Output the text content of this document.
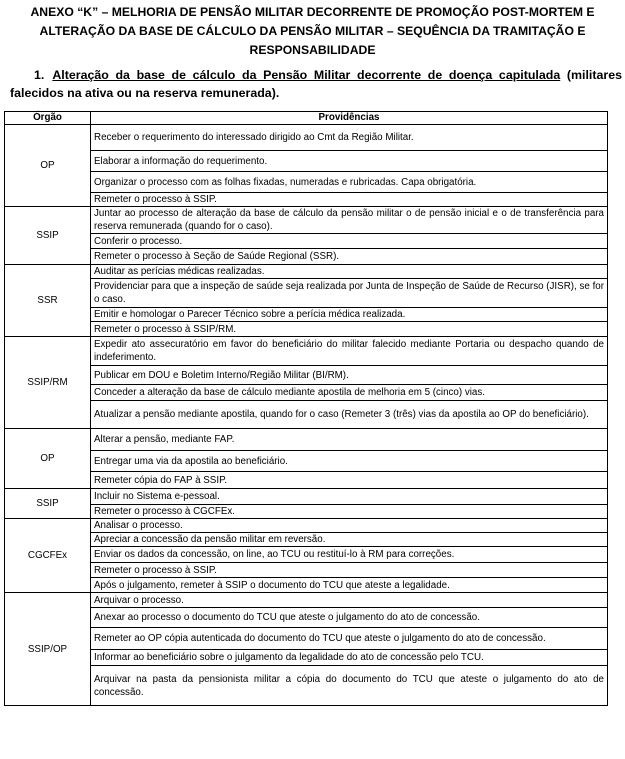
ANEXO “K” – MELHORIA DE PENSÃO MILITAR DECORRENTE DE PROMOÇÃO POST-MORTEM E ALTERAÇÃO DA BASE DE CÁLCULO DA PENSÃO MILITAR – SEQUÊNCIA DA TRAMITAÇÃO E RESPONSABILIDADE
1. Alteração da base de cálculo da Pensão Militar decorrente de doença capitulada (militares falecidos na ativa ou na reserva remunerada).
Órgão	Providências
OP	Receber o requerimento do interessado dirigido ao Cmt da Região Militar.
	Elaborar a informação do requerimento.
	Organizar o processo com as folhas fixadas, numeradas e rubricadas. Capa obrigatória.
	Remeter o processo à SSIP.
SSIP	Juntar ao processo de alteração da base de cálculo da pensão militar o de pensão inicial e o de transferência para reserva remunerada (quando for o caso).
	Conferir o processo.
	Remeter o processo à Seção de Saúde Regional (SSR).
SSR	Auditar as perícias médicas realizadas.
	Providenciar para que a inspeção de saúde seja realizada por Junta de Inspeção de Saúde de Recurso (JISR), se for o caso.
	Emitir e homologar o Parecer Técnico sobre a perícia médica realizada.
	Remeter o processo à SSIP/RM.
SSIP/RM	Expedir ato assecuratório em favor do beneficiário do militar falecido mediante Portaria ou despacho quando de indeferimento.
	Publicar em DOU e Boletim Interno/Região Militar (BI/RM).
	Conceder a alteração da base de cálculo mediante apostila de melhoria em 5 (cinco) vias.
	Atualizar a pensão mediante apostila, quando for o caso (Remeter 3 (três) vias da apostila ao OP do beneficiário).
OP	Alterar a pensão, mediante FAP.
	Entregar uma via da apostila ao beneficiário.
	Remeter cópia do FAP à SSIP.
SSIP	Incluir no Sistema e-pessoal.
	Remeter o processo à CGCFEx.
CGCFEx	Analisar o processo.
	Apreciar a concessão da pensão militar em reversão.
	Enviar os dados da concessão, on line, ao TCU ou restituí-lo à RM para correções.
	Remeter o processo à SSIP.
	Após o julgamento, remeter à SSIP o documento do TCU que ateste a legalidade.
SSIP/OP	Arquivar o processo.
	Anexar ao processo o documento do TCU que ateste o julgamento do ato de concessão.
	Remeter ao OP cópia autenticada do documento do TCU que ateste o julgamento do ato de concessão.
	Informar ao beneficiário sobre o julgamento da legalidade do ato de concessão pelo TCU.
	Arquivar na pasta da pensionista militar a cópia do documento do TCU que ateste o julgamento do ato de concessão.
